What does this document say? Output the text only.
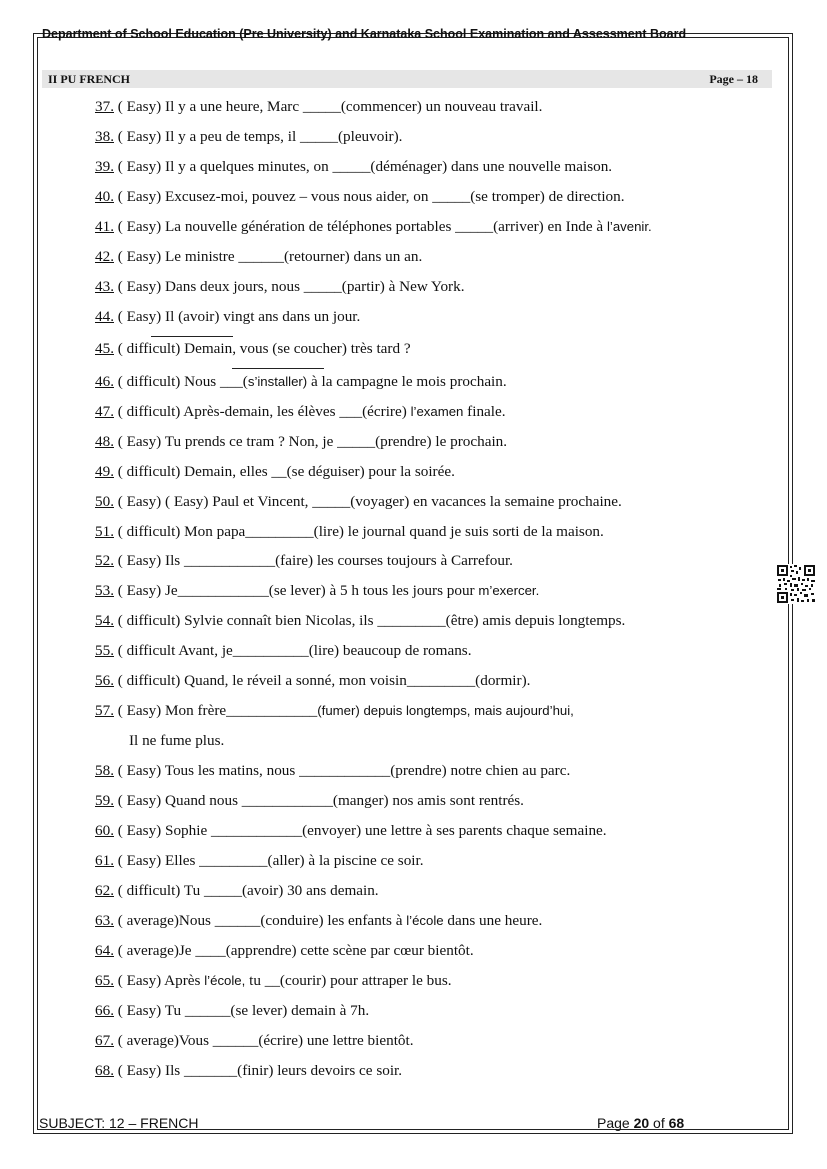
Department of School Education (Pre University) and Karnataka School Examination and Assessment Board
II PU FRENCH	Page – 18
37. ( Easy) Il y a une heure, Marc _____(commencer) un nouveau travail.
38. ( Easy) Il y a peu de temps, il _____(pleuvoir).
39. ( Easy) Il y a quelques minutes, on _____(déménager) dans une nouvelle maison.
40. ( Easy) Excusez-moi, pouvez – vous nous aider, on _____(se tromper) de direction.
41. ( Easy) La nouvelle génération de téléphones portables _____(arriver) en Inde à l’avenir.
42. ( Easy) Le ministre ______(retourner) dans un an.
43. ( Easy) Dans deux jours, nous _____(partir) à New York.
44. ( Easy) Il (avoir) vingt ans dans un jour.
45. ( difficult) Demain, vous (se coucher) très tard ?
46. ( difficult) Nous ___(s’installer) à la campagne le mois prochain.
47. ( difficult) Après-demain, les élèves ___(écrire) l’examen finale.
48. ( Easy) Tu prends ce tram ? Non, je _____(prendre) le prochain.
49. ( difficult) Demain, elles __(se déguiser) pour la soirée.
50. ( Easy) ( Easy) Paul et Vincent, _____(voyager) en vacances la semaine prochaine.
51. ( difficult) Mon papa_________(lire) le journal quand je suis sorti de la maison.
52. ( Easy) Ils ____________(faire) les courses toujours à Carrefour.
53. ( Easy) Je____________(se lever) à 5 h tous les jours pour m’exercer.
54. ( difficult) Sylvie connaît bien Nicolas, ils _________(être) amis depuis longtemps.
55. ( difficult Avant, je__________(lire) beaucoup de romans.
56. ( difficult) Quand, le réveil a sonné, mon voisin_________(dormir).
57. ( Easy) Mon frère____________(fumer) depuis longtemps, mais aujourd’hui,
58. ( Easy) Tous les matins, nous ____________(prendre) notre chien au parc.
59. ( Easy) Quand nous ____________(manger) nos amis sont rentrés.
60. ( Easy) Sophie ____________(envoyer) une lettre à ses parents chaque semaine.
61. ( Easy) Elles _________(aller) à la piscine ce soir.
62. ( difficult) Tu _____(avoir) 30 ans demain.
63. ( average)Nous ______(conduire) les enfants à l’école dans une heure.
64. ( average)Je ____(apprendre) cette scène par cœur bientôt.
65. ( Easy) Après l’école, tu __(courir) pour attraper le bus.
66. ( Easy) Tu ______(se lever) demain à 7h.
67. ( average)Vous ______(écrire) une lettre bientôt.
68. ( Easy) Ils _______(finir) leurs devoirs ce soir.
Il ne fume plus.
SUBJECT: 12 – FRENCH	Page 20 of 68
